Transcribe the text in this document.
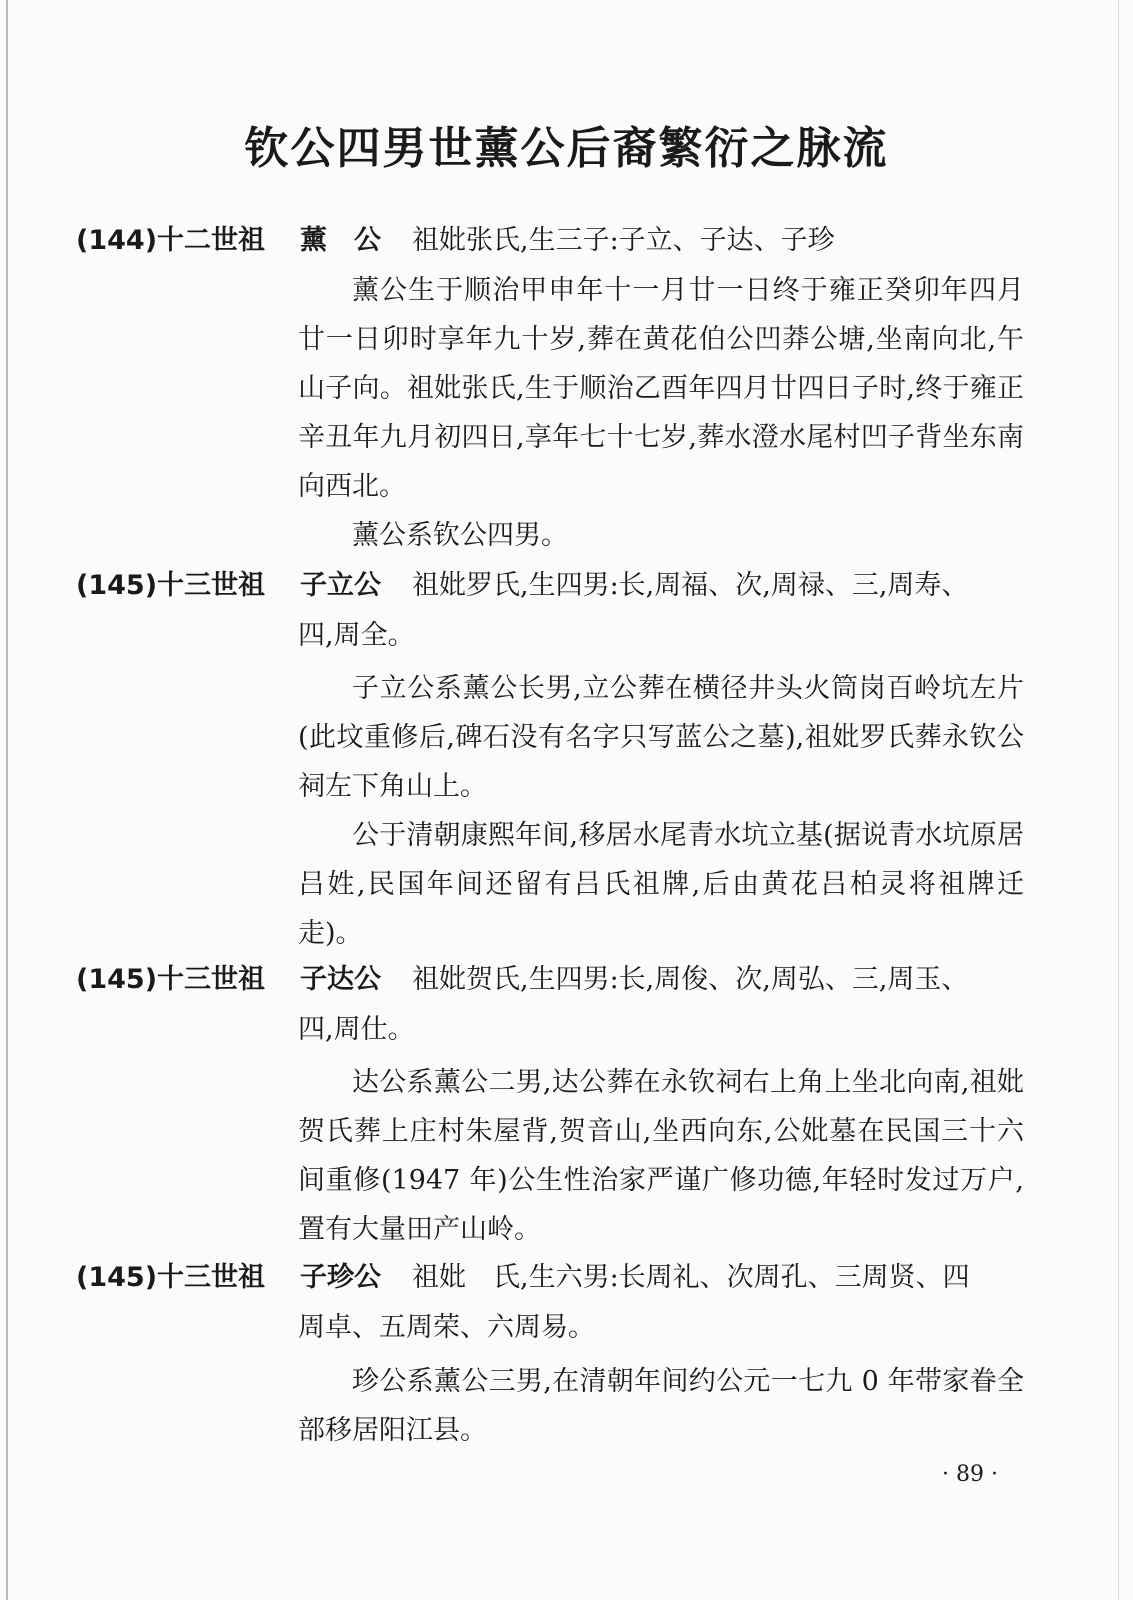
钦公四男世薰公后裔繁衍之脉流
(144)十二世祖 薰　公 祖妣张氏,生三子:子立、子达、子珍

薰公生于顺治甲申年十一月廿一日终于雍正癸卯年四月廿一日卯时享年九十岁,葬在黄花伯公凹莽公塘,坐南向北,午山子向。祖妣张氏,生于顺治乙酉年四月廿四日子时,终于雍正辛丑年九月初四日,享年七十七岁,葬水澄水尾村凹子背坐东南向西北。

薰公系钦公四男。

(145)十三世祖 子立公 祖妣罗氏,生四男:长,周福、次,周禄、三,周寿、

四,周全。

子立公系薰公长男,立公葬在横径井头火筒岗百岭坑左片(此坟重修后,碑石没有名字只写蓝公之墓),祖妣罗氏葬永钦公祠左下角山上。

公于清朝康熙年间,移居水尾青水坑立基(据说青水坑原居吕姓,民国年间还留有吕氏祖牌,后由黄花吕柏灵将祖牌迁走)。

(145)十三世祖 子达公 祖妣贺氏,生四男:长,周俊、次,周弘、三,周玉、

四,周仕。

达公系薰公二男,达公葬在永钦祠右上角上坐北向南,祖妣贺氏葬上庄村朱屋背,贺音山,坐西向东,公妣墓在民国三十六间重修(1947 年)公生性治家严谨广修功德,年轻时发过万户,置有大量田产山岭。

(145)十三世祖 子珍公 祖妣　氏,生六男:长周礼、次周孔、三周贤、四

周卓、五周荣、六周易。

珍公系薰公三男,在清朝年间约公元一七九 0 年带家眷全部移居阳江县。

· 89 ·
